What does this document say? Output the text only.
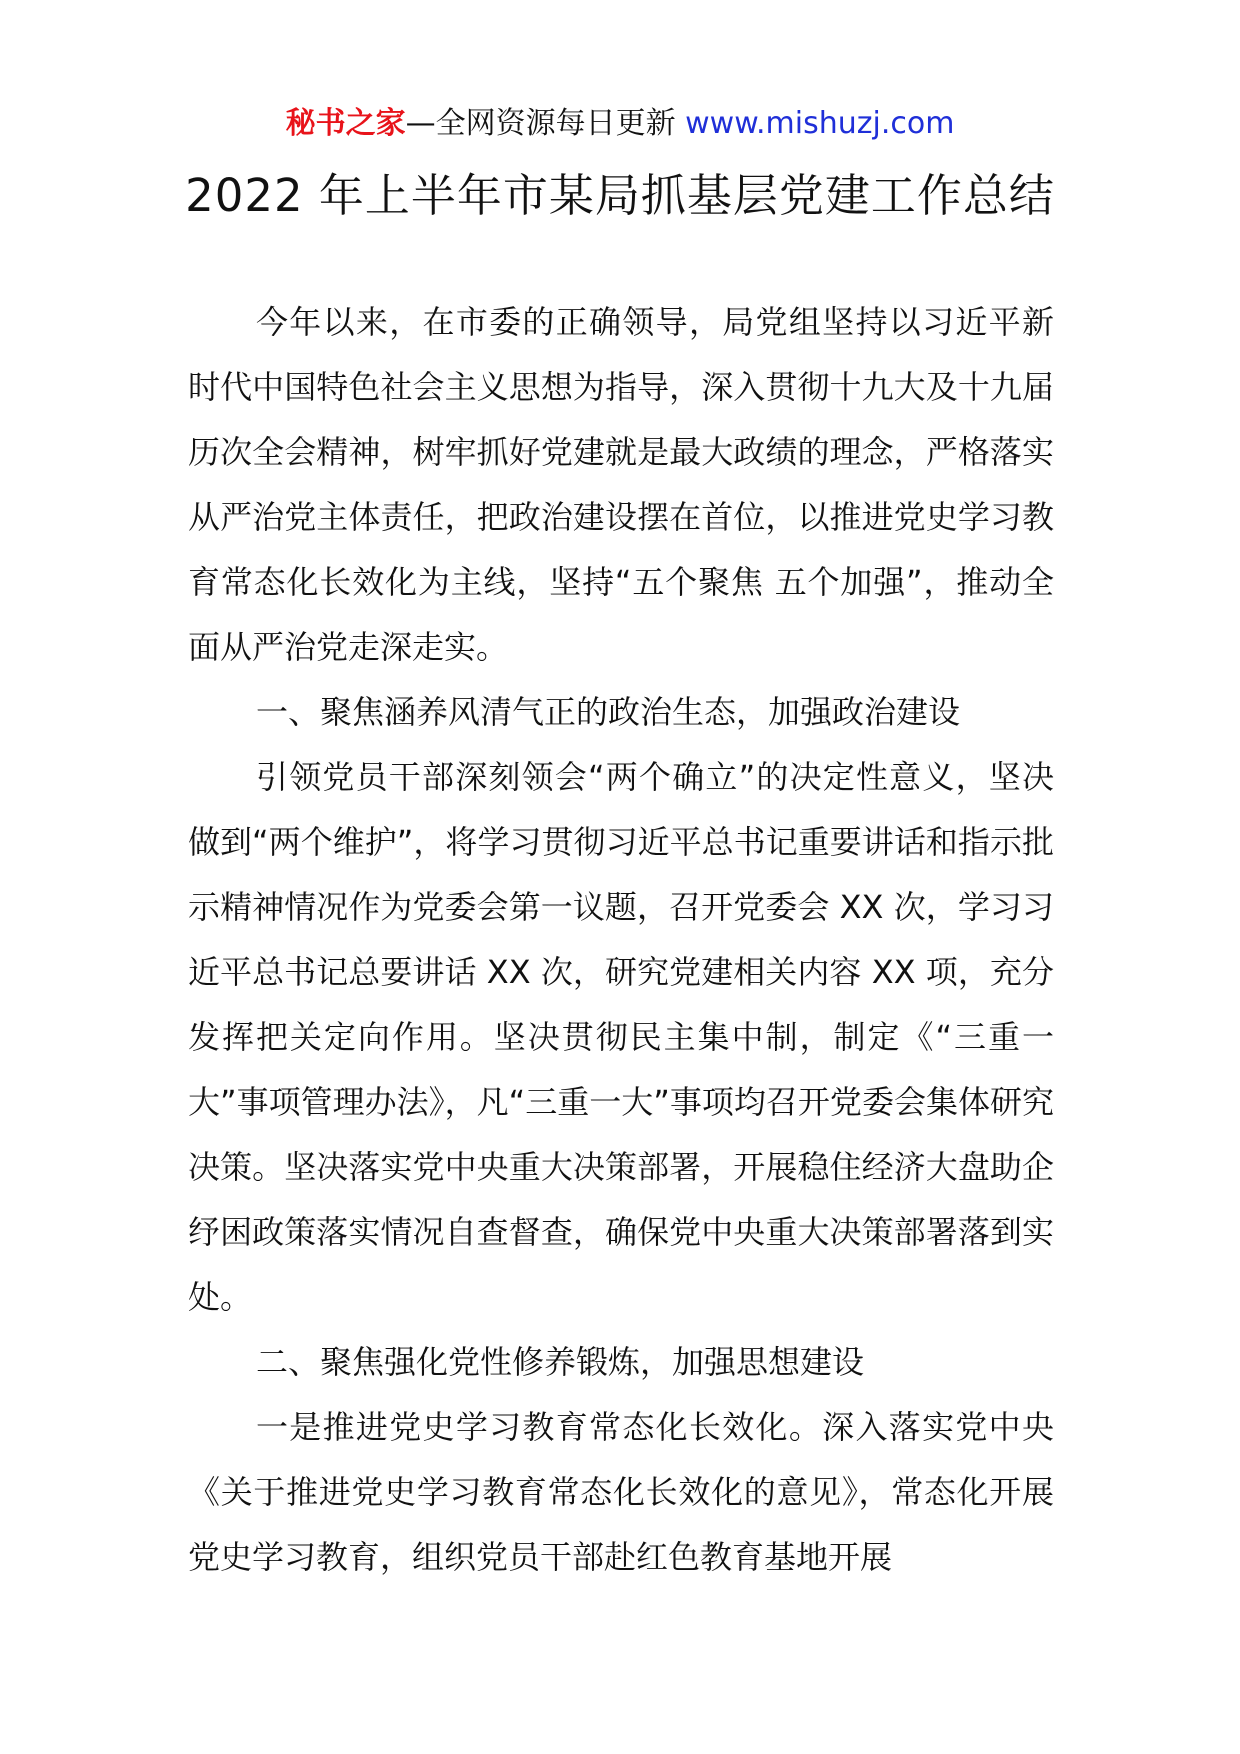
秘书之家—全网资源每日更新 www.mishuzj.com
2022 年上半年市某局抓基层党建工作总结

今年以来，在市委的正确领导，局党组坚持以习近平新时代中国特色社会主义思想为指导，深入贯彻十九大及十九届历次全会精神，树牢抓好党建就是最大政绩的理念，严格落实从严治党主体责任，把政治建设摆在首位，以推进党史学习教育常态化长效化为主线，坚持“五个聚焦 五个加强”，推动全面从严治党走深走实。

一、聚焦涵养风清气正的政治生态，加强政治建设

引领党员干部深刻领会“两个确立”的决定性意义，坚决做到“两个维护”，将学习贯彻习近平总书记重要讲话和指示批示精神情况作为党委会第一议题，召开党委会 XX 次，学习习近平总书记总要讲话 XX 次，研究党建相关内容 XX 项，充分发挥把关定向作用。坚决贯彻民主集中制，制定《“三重一大”事项管理办法》，凡“三重一大”事项均召开党委会集体研究决策。坚决落实党中央重大决策部署，开展稳住经济大盘助企纾困政策落实情况自查督查，确保党中央重大决策部署落到实处。

二、聚焦强化党性修养锻炼，加强思想建设

一是推进党史学习教育常态化长效化。深入落实党中央《关于推进党史学习教育常态化长效化的意见》，常态化开展党史学习教育，组织党员干部赴红色教育基地开展
